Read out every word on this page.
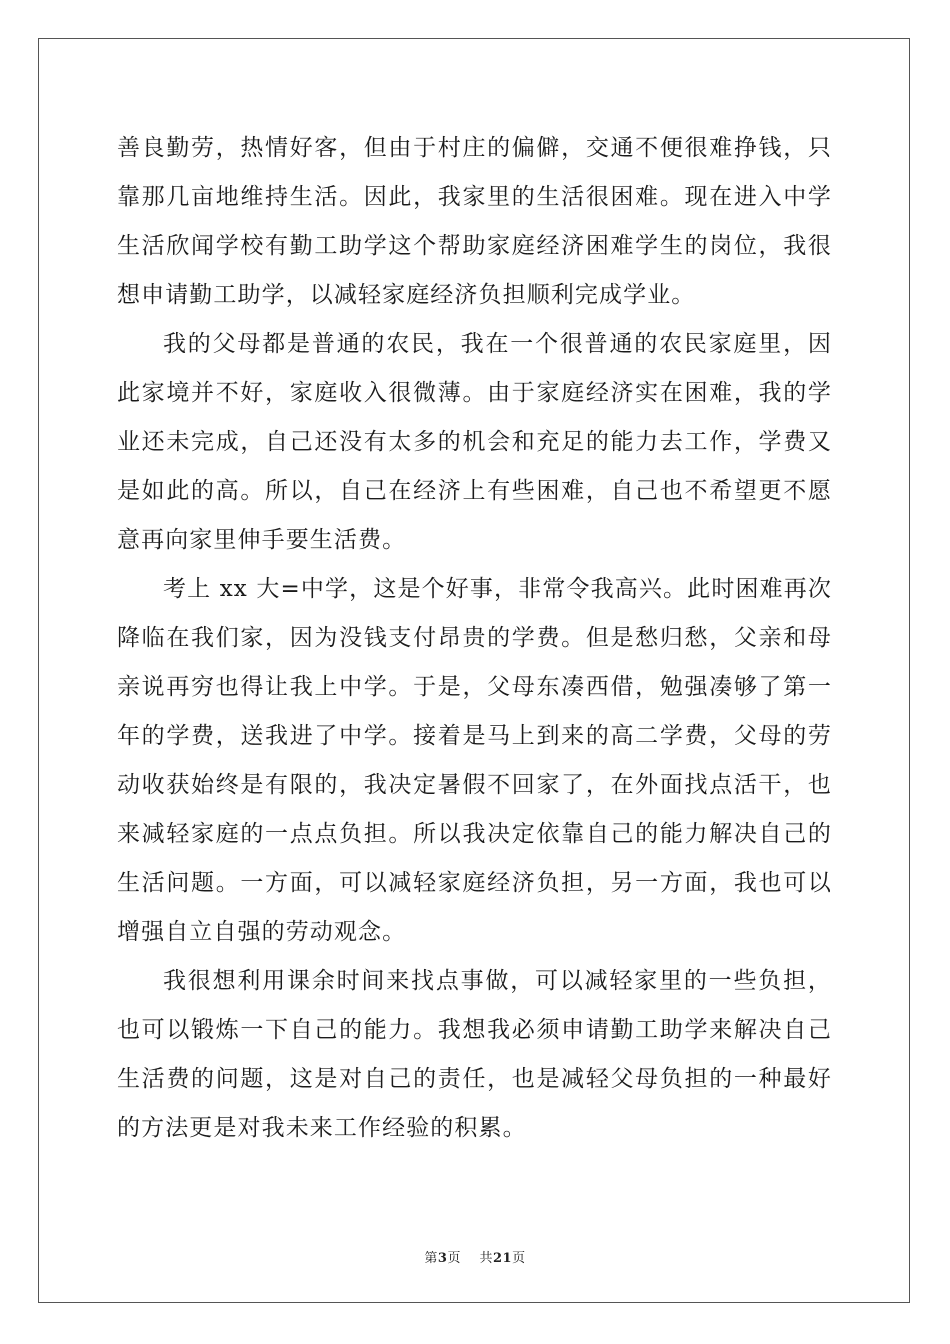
善良勤劳，热情好客，但由于村庄的偏僻，交通不便很难挣钱，只靠那几亩地维持生活。因此，我家里的生活很困难。现在进入中学生活欣闻学校有勤工助学这个帮助家庭经济困难学生的岗位，我很想申请勤工助学，以减轻家庭经济负担顺利完成学业。

我的父母都是普通的农民，我在一个很普通的农民家庭里，因此家境并不好，家庭收入很微薄。由于家庭经济实在困难，我的学业还未完成，自己还没有太多的机会和充足的能力去工作，学费又是如此的高。所以，自己在经济上有些困难，自己也不希望更不愿意再向家里伸手要生活费。

考上 xx 大=中学，这是个好事，非常令我高兴。此时困难再次降临在我们家，因为没钱支付昂贵的学费。但是愁归愁，父亲和母亲说再穷也得让我上中学。于是，父母东凑西借，勉强凑够了第一年的学费，送我进了中学。接着是马上到来的高二学费，父母的劳动收获始终是有限的，我决定暑假不回家了，在外面找点活干，也来减轻家庭的一点点负担。所以我决定依靠自己的能力解决自己的生活问题。一方面，可以减轻家庭经济负担，另一方面，我也可以增强自立自强的劳动观念。

我很想利用课余时间来找点事做，可以减轻家里的一些负担，也可以锻炼一下自己的能力。我想我必须申请勤工助学来解决自己生活费的问题，这是对自己的责任，也是减轻父母负担的一种最好的方法更是对我未来工作经验的积累。

第3页 共21页
